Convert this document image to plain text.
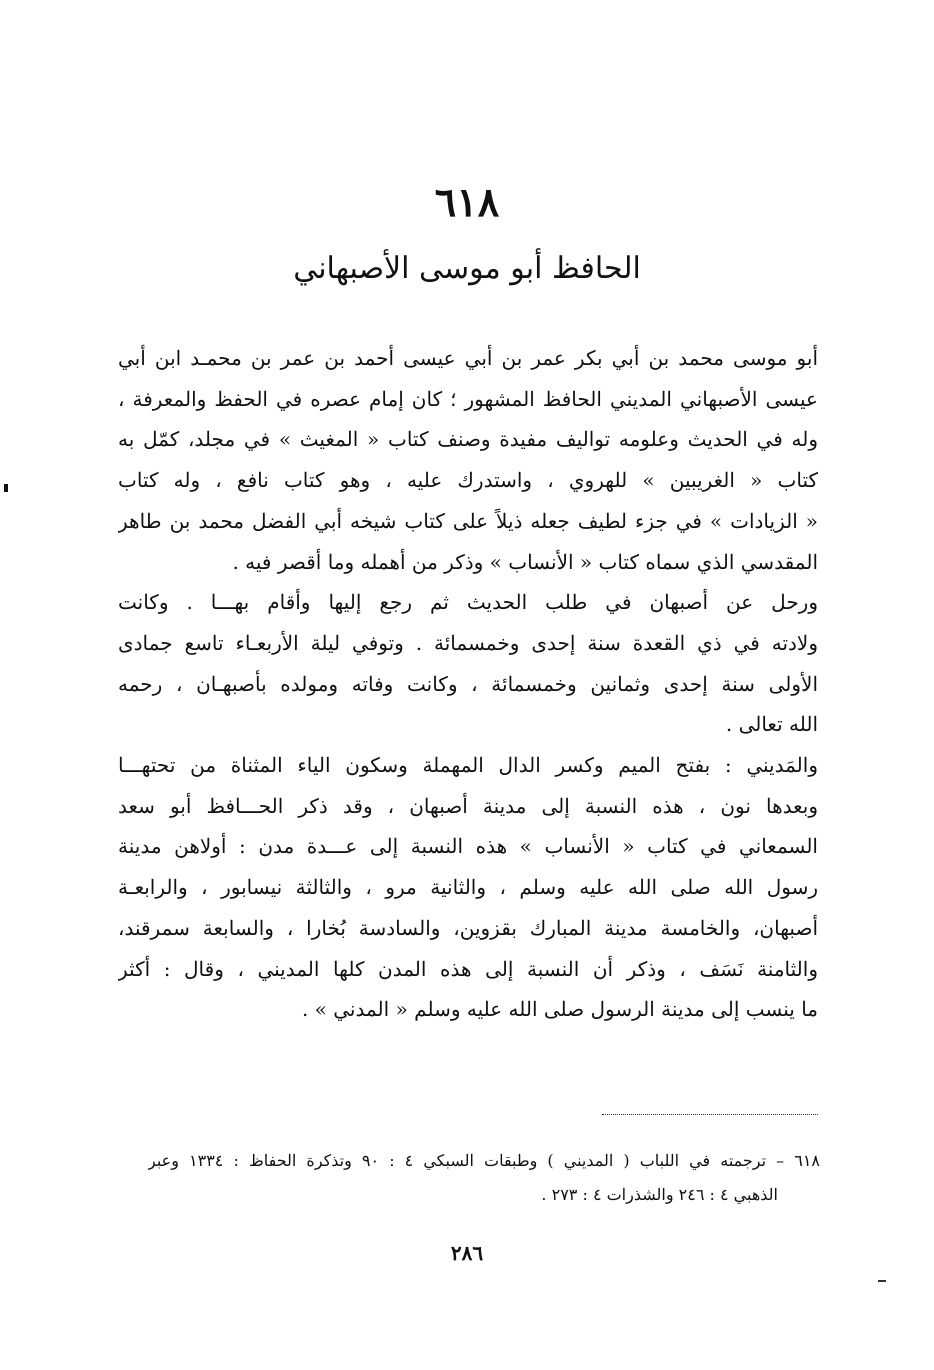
٦١٨
الحافظ أبو موسى الأصبهاني

أبو موسى محمد بن أبي بكر عمر بن أبي عيسى أحمد بن عمر بن محمـد ابن أبي
عيسى الأصبهاني المديني الحافظ المشهور ؛ كان إمام عصره في الحفظ والمعرفة ،
وله في الحديث وعلومه تواليف مفيدة وصنف كتاب « المغيث » في مجلد، كمّل به
كتاب « الغريبين » للهروي ، واستدرك عليه ، وهو كتاب نافع ، وله كتاب
« الزيادات » في جزء لطيف جعله ذيلاً على كتاب شيخه أبي الفضل محمد بن طاهر
المقدسي الذي سماه كتاب « الأنساب » وذكر من أهمله وما أقصر فيه .

ورحل عن أصبهان في طلب الحديث ثم رجع إليها وأقام بهـــا . وكانت
ولادته في ذي القعدة سنة إحدى وخمسمائة . وتوفي ليلة الأربعـاء تاسع جمادى
الأولى سنة إحدى وثمانين وخمسمائة ، وكانت وفاته ومولده بأصبهـان ، رحمه
الله تعالى .

والمَديني : بفتح الميم وكسر الدال المهملة وسكون الياء المثناة من تحتهـــا
وبعدها نون ، هذه النسبة إلى مدينة أصبهان ، وقد ذكر الحـــافظ أبو سعد
السمعاني في كتاب « الأنساب » هذه النسبة إلى عـــدة مدن : أولاهن مدينة
رسول الله صلى الله عليه وسلم ، والثانية مرو ، والثالثة نيسابور ، والرابعـة
أصبهان، والخامسة مدينة المبارك بقزوين، والسادسة بُخارا ، والسابعة سمرقند،
والثامنة نَسَف ، وذكر أن النسبة إلى هذه المدن كلها المديني ، وقال : أكثر
ما ينسب إلى مدينة الرسول صلى الله عليه وسلم « المدني » .

٦١٨ – ترجمته في اللباب ( المديني ) وطبقات السبكي ٤ : ٩٠ وتذكرة الحفاظ : ١٣٣٤ وعبر
الذهبي ٤ : ٢٤٦ والشذرات ٤ : ٢٧٣ .
٢٨٦
